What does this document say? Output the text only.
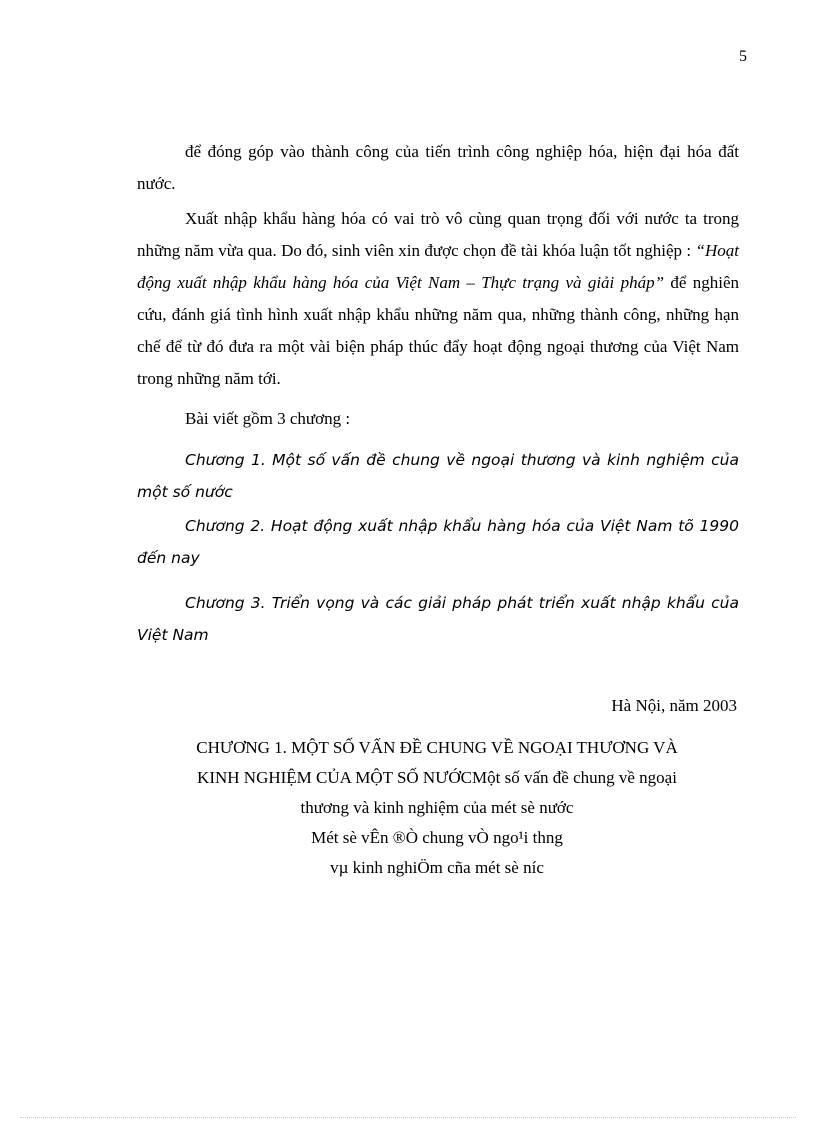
5

để đóng góp vào thành công của tiến trình công nghiệp hóa, hiện đại hóa đất nước.

Xuất nhập khẩu hàng hóa có vai trò vô cùng quan trọng đối với nước ta trong những năm vừa qua. Do đó, sinh viên xin được chọn đề tài khóa luận tốt nghiệp : “Hoạt động xuất nhập khẩu hàng hóa của Việt Nam – Thực trạng và giải pháp” để nghiên cứu, đánh giá tình hình xuất nhập khẩu những năm qua, những thành công, những hạn chế để từ đó đưa ra một vài biện pháp thúc đẩy hoạt động ngoại thương của Việt Nam trong những năm tới.

Bài viết gồm 3 chương :

Chương 1. Một số vấn đề chung về ngoại thương và kinh nghiệm của một số nước

Chương 2. Hoạt động xuất nhập khẩu hàng hóa của Việt Nam tõ 1990 đến nay

Chương 3. Triển vọng và các giải pháp phát triển xuất nhập khẩu của Việt Nam

Hà Nội, năm 2003
CHƯƠNG 1. MỘT SỐ VẤN ĐỀ CHUNG VỀ NGOẠI THƯƠNG VÀ
KINH NGHIỆM CỦA MỘT SỐ NƯỚCMột số vấn đề chung về ngoại
thương và kinh nghiệm của mét sè nước
Mét sè vÊn ®Ò chung vÒ ngo¹i thng
vµ kinh nghiÖm cña mét sè níc
